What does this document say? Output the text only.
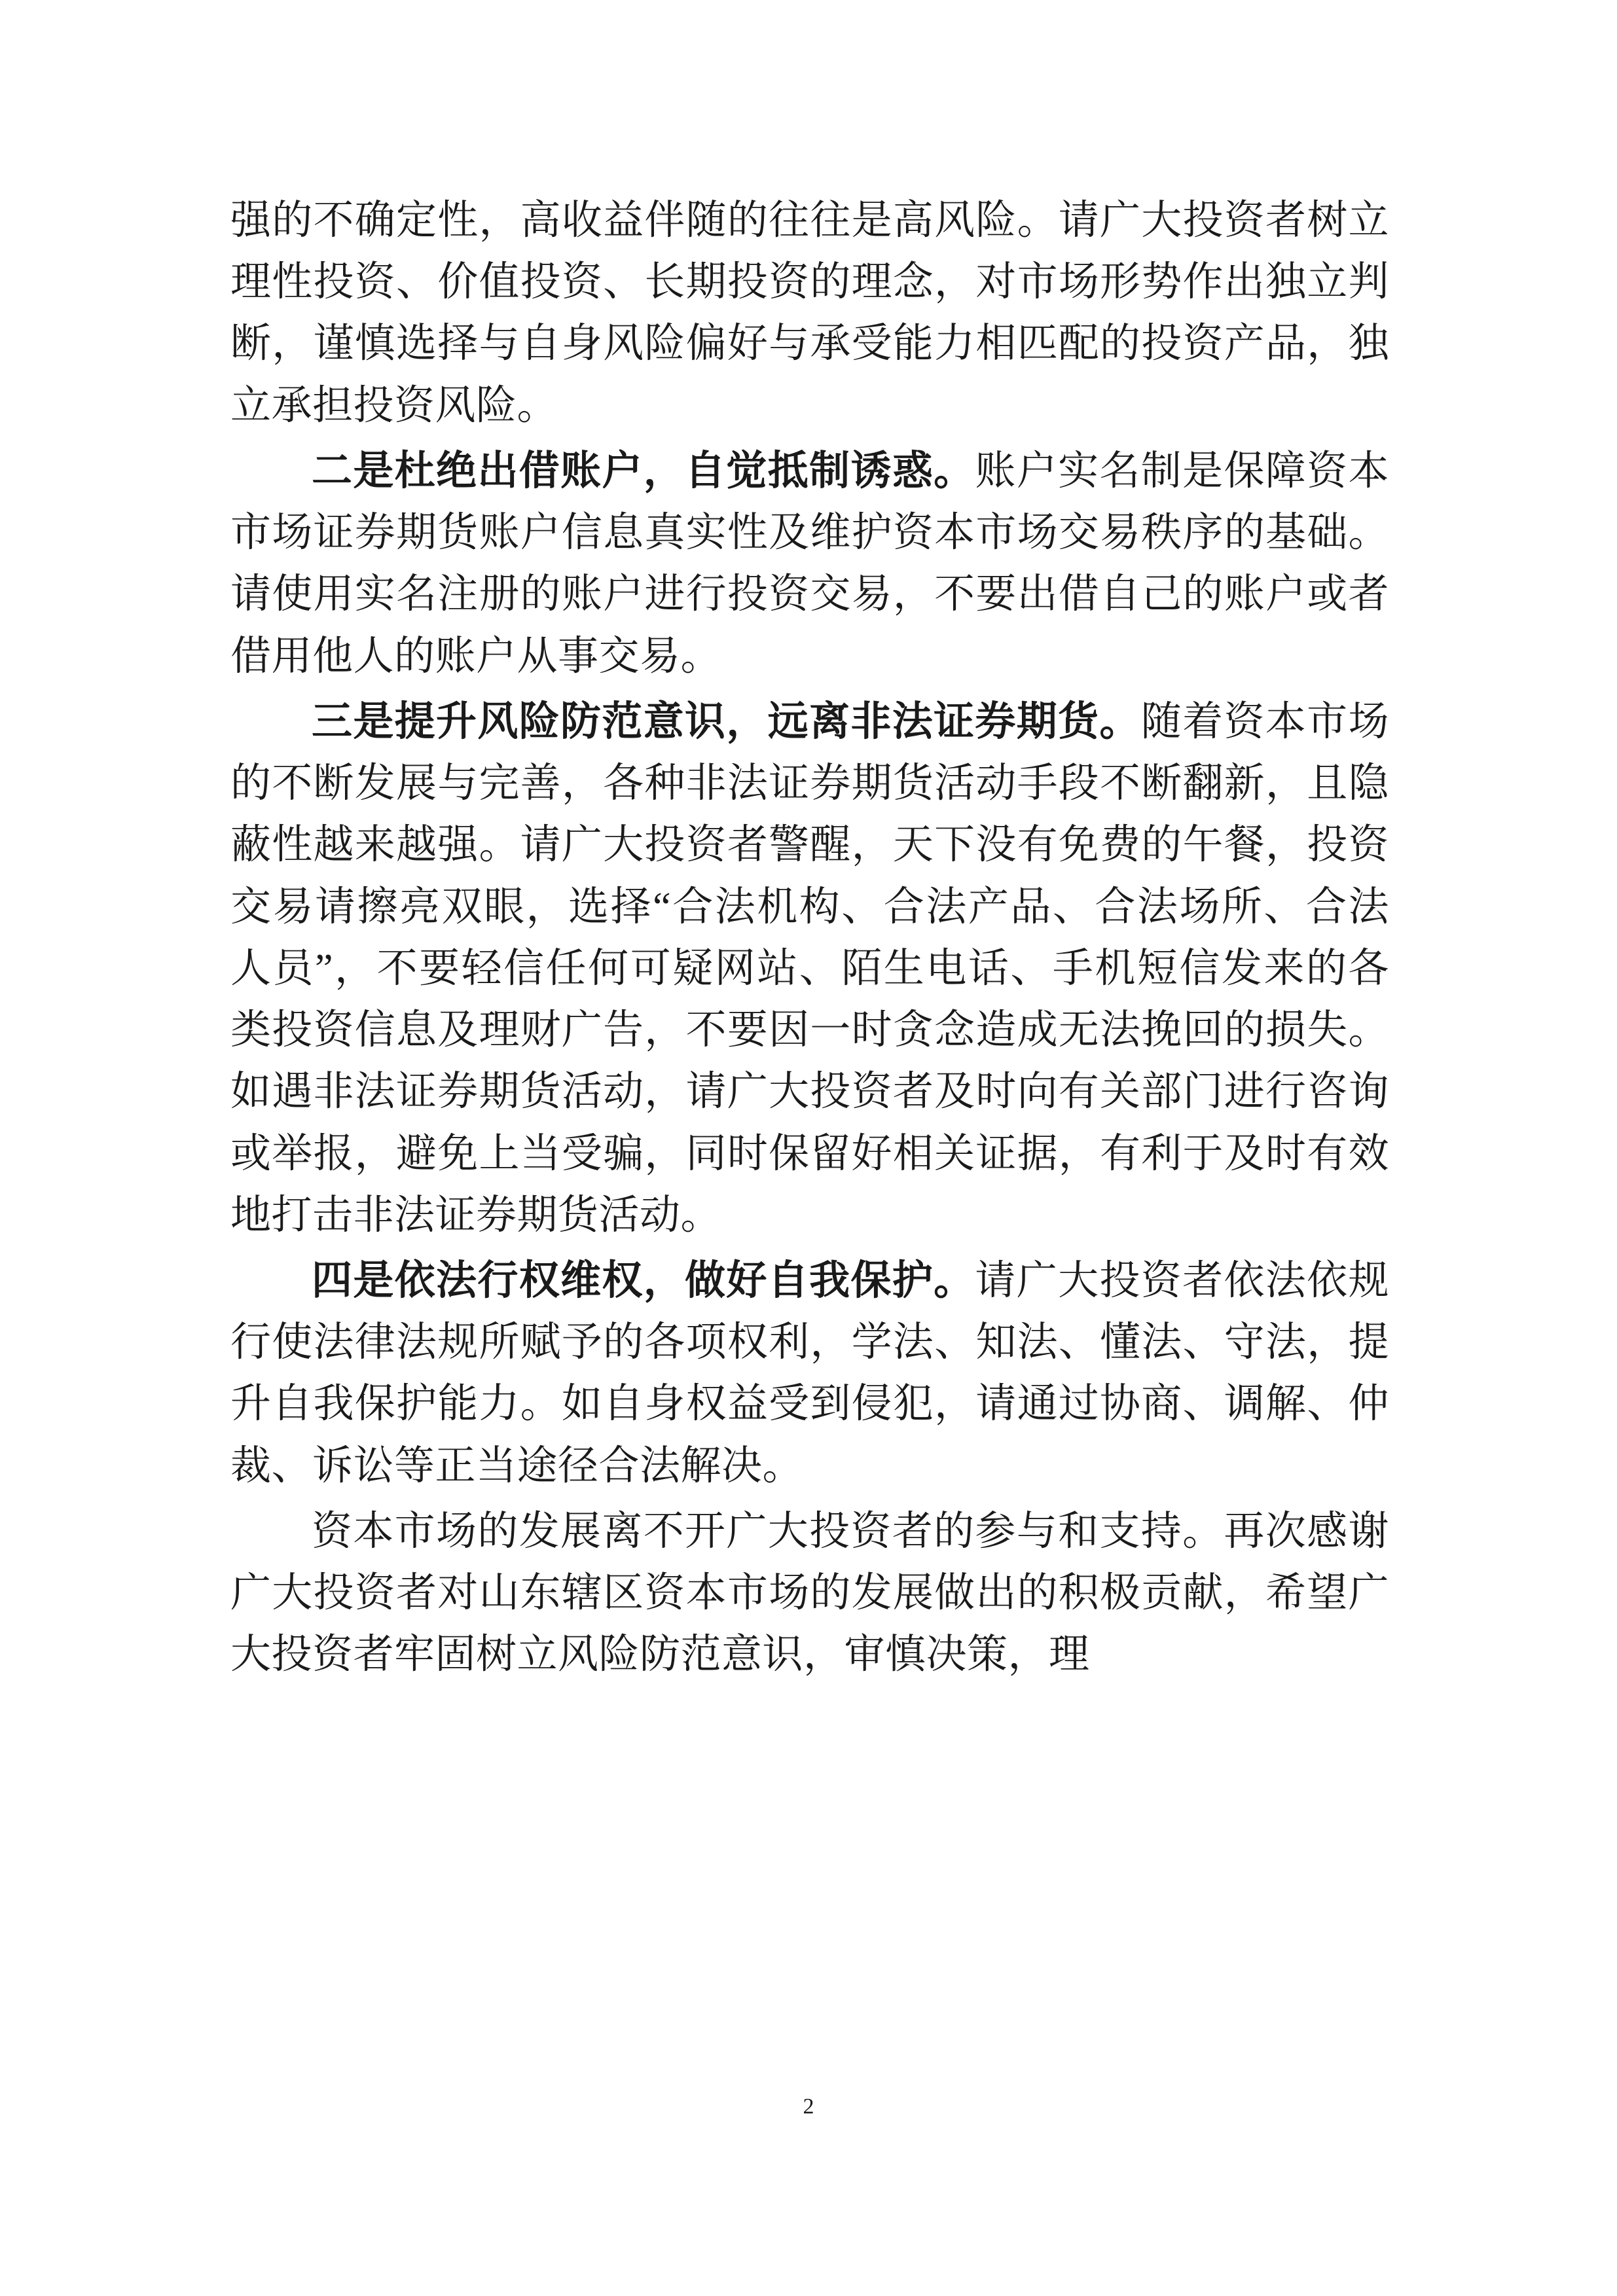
强的不确定性，高收益伴随的往往是高风险。请广大投资者树立理性投资、价值投资、长期投资的理念，对市场形势作出独立判断，谨慎选择与自身风险偏好与承受能力相匹配的投资产品，独立承担投资风险。

二是杜绝出借账户，自觉抵制诱惑。账户实名制是保障资本市场证券期货账户信息真实性及维护资本市场交易秩序的基础。请使用实名注册的账户进行投资交易，不要出借自己的账户或者借用他人的账户从事交易。

三是提升风险防范意识，远离非法证券期货。随着资本市场的不断发展与完善，各种非法证券期货活动手段不断翻新，且隐蔽性越来越强。请广大投资者警醒，天下没有免费的午餐，投资交易请擦亮双眼，选择“合法机构、合法产品、合法场所、合法人员”，不要轻信任何可疑网站、陌生电话、手机短信发来的各类投资信息及理财广告，不要因一时贪念造成无法挽回的损失。如遇非法证券期货活动，请广大投资者及时向有关部门进行咨询或举报，避免上当受骗，同时保留好相关证据，有利于及时有效地打击非法证券期货活动。

四是依法行权维权，做好自我保护。请广大投资者依法依规行使法律法规所赋予的各项权利，学法、知法、懂法、守法，提升自我保护能力。如自身权益受到侵犯，请通过协商、调解、仲裁、诉讼等正当途径合法解决。

资本市场的发展离不开广大投资者的参与和支持。再次感谢广大投资者对山东辖区资本市场的发展做出的积极贡献，希望广大投资者牢固树立风险防范意识，审慎决策，理

2
